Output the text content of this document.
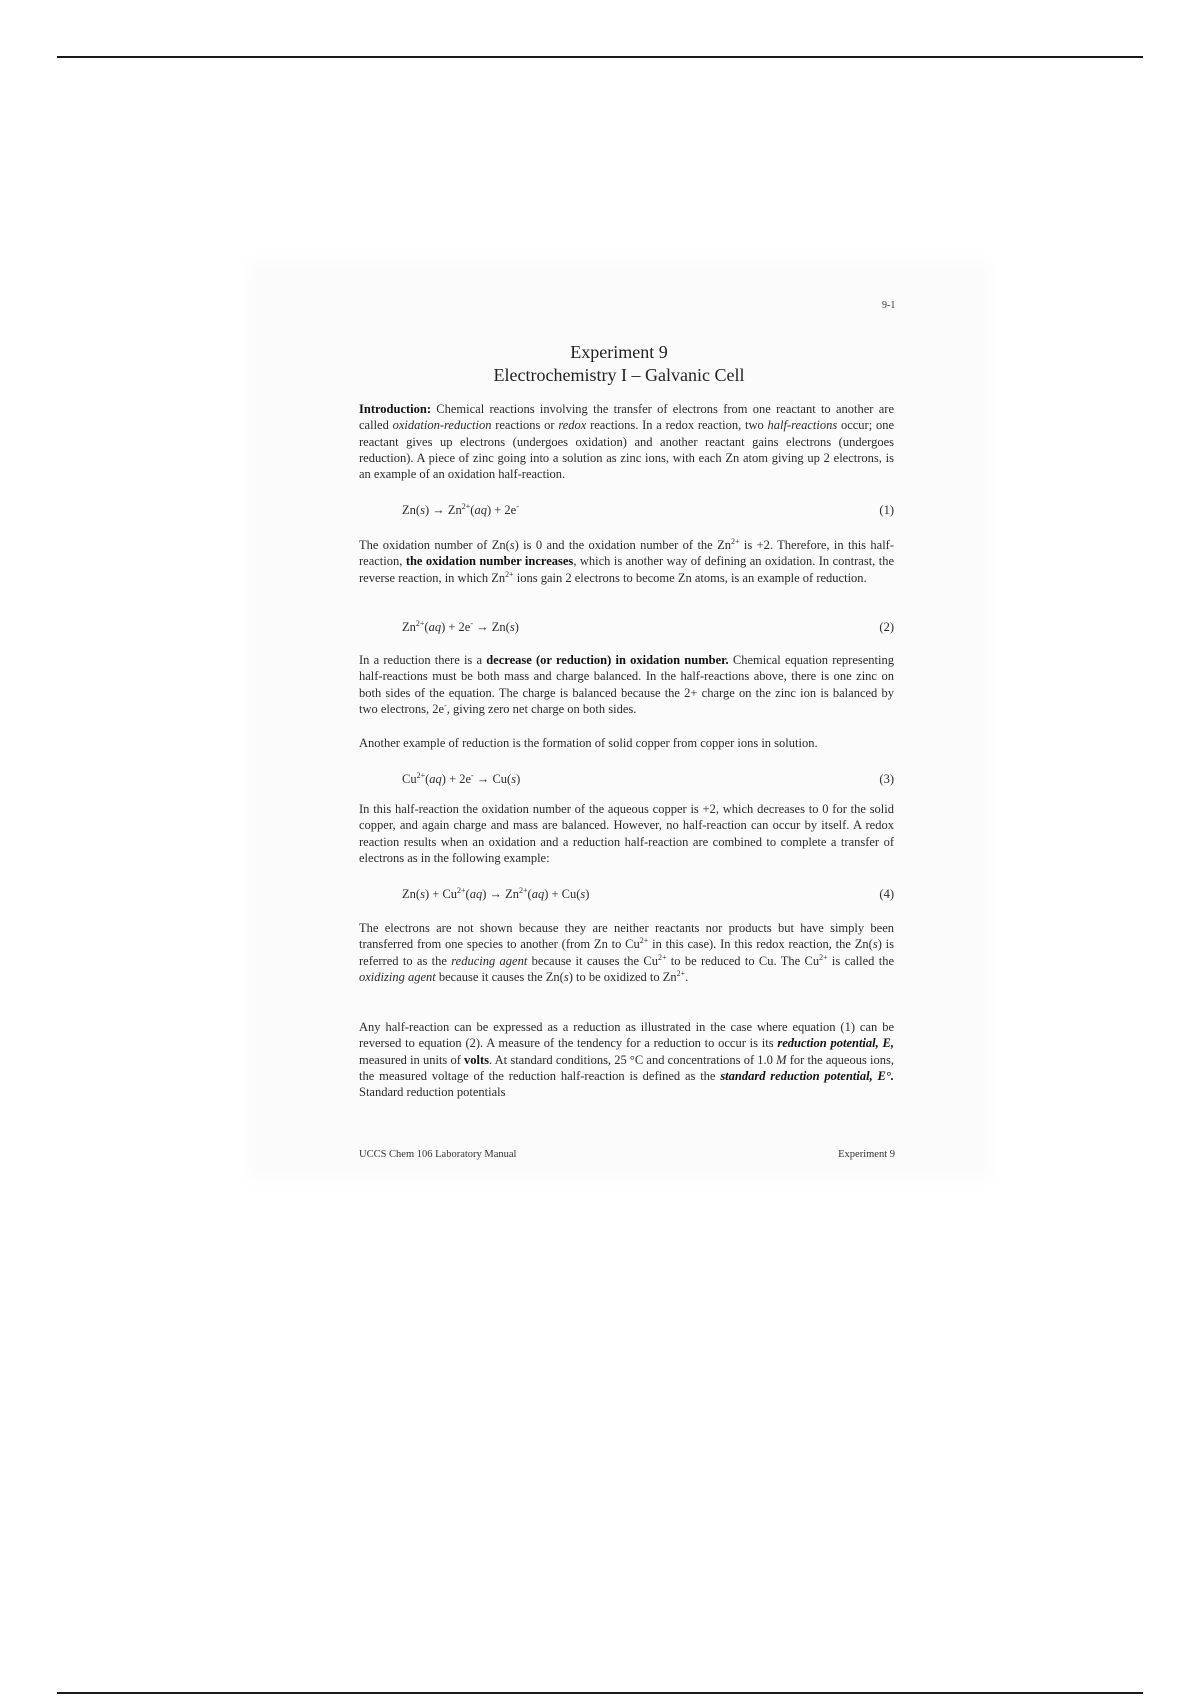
9-1
Experiment 9
Electrochemistry I – Galvanic Cell
Introduction: Chemical reactions involving the transfer of electrons from one reactant to another are called oxidation-reduction reactions or redox reactions. In a redox reaction, two half-reactions occur; one reactant gives up electrons (undergoes oxidation) and another reactant gains electrons (undergoes reduction). A piece of zinc going into a solution as zinc ions, with each Zn atom giving up 2 electrons, is an example of an oxidation half-reaction.
$Zn(s) \to Zn^{2+}(aq) + 2e^-$	(1)
The oxidation number of Zn(s) is 0 and the oxidation number of the $Zn^{2+}$ is +2. Therefore, in this half-reaction, the oxidation number increases, which is another way of defining an oxidation. In contrast, the reverse reaction, in which $Zn^{2+}$ ions gain 2 electrons to become Zn atoms, is an example of reduction.
$Zn^{2+}(aq) + 2e^- \to Zn(s)$	(2)
In a reduction there is a decrease (or reduction) in oxidation number. Chemical equation representing half-reactions must be both mass and charge balanced. In the half-reactions above, there is one zinc on both sides of the equation. The charge is balanced because the 2+ charge on the zinc ion is balanced by two electrons, 2e-, giving zero net charge on both sides.
Another example of reduction is the formation of solid copper from copper ions in solution.
$Cu^{2+}(aq) + 2e^- \to Cu(s)$	(3)
In this half-reaction the oxidation number of the aqueous copper is +2, which decreases to 0 for the solid copper, and again charge and mass are balanced. However, no half-reaction can occur by itself. A redox reaction results when an oxidation and a reduction half-reaction are combined to complete a transfer of electrons as in the following example:
$Zn(s) + Cu^{2+}(aq) \to Zn^{2+}(aq) + Cu(s)$	(4)
The electrons are not shown because they are neither reactants nor products but have simply been transferred from one species to another (from Zn to $Cu^{2+}$ in this case). In this redox reaction, the Zn(s) is referred to as the reducing agent because it causes the $Cu^{2+}$ to be reduced to Cu. The $Cu^{2+}$ is called the oxidizing agent because it causes the Zn(s) to be oxidized to $Zn^{2+}$.
Any half-reaction can be expressed as a reduction as illustrated in the case where equation (1) can be reversed to equation (2). A measure of the tendency for a reduction to occur is its reduction potential, E, measured in units of volts. At standard conditions, 25 °C and concentrations of 1.0 M for the aqueous ions, the measured voltage of the reduction half-reaction is defined as the standard reduction potential, E°. Standard reduction potentials
UCCS Chem 106 Laboratory Manual	Experiment 9
